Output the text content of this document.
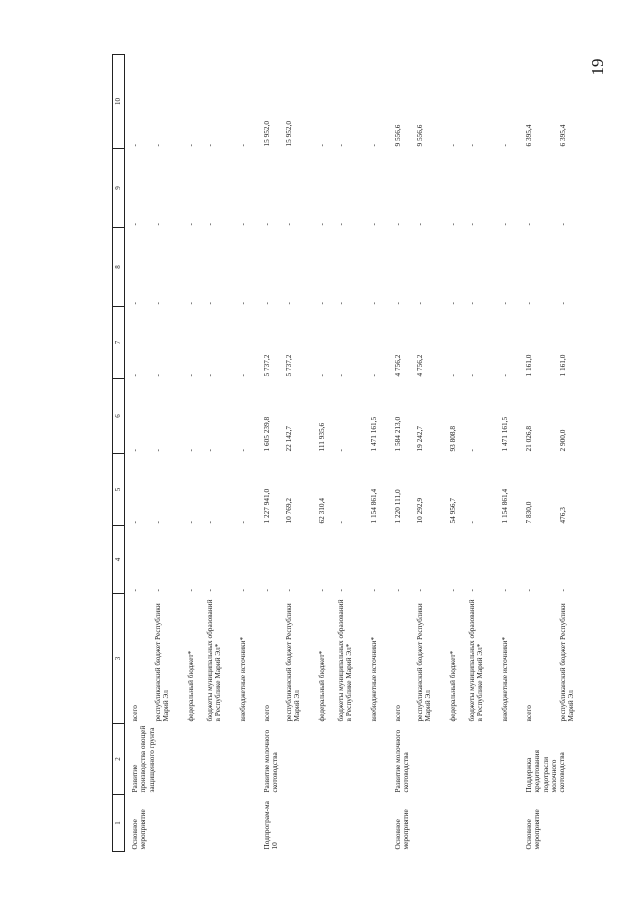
19
1	2	3	4	5	6	7	8	9	10
Основное мероприятие	Развитие производства овощей защищенного грунта	всего	-	-	-	-	-	-	-
		республиканский бюджет Республики Марий Эл	-	-	-	-	-	-	-
		федеральный бюджет*	-	-	-	-	-	-	-
		бюджеты муниципальных образований в Республике Марий Эл*	-	-	-	-	-	-	-
		внебюджетные источники*	-	-	-	-	-	-	-
Подпрограм-ма 10	Развитие молочного скотоводства	всего	-	1 227 941,0	1 605 239,8	5 737,2	-	-	15 952,0
		республиканский бюджет Республики Марий Эл	-	10 769,2	22 142,7	5 737,2	-	-	15 952,0
		федеральный бюджет*	-	62 310,4	111 935,6	-	-	-	-
		бюджеты муниципальных образований в Республике Марий Эл*	-	-	-	-	-	-	-
		внебюджетные источники*	-	1 154 861,4	1 471 161,5	-	-	-	-
Основное мероприятие	Развитие молочного скотоводства	всего	-	1 220 111,0	1 584 213,0	4 756,2	-	-	9 556,6
		республиканский бюджет Республики Марий Эл	-	10 292,9	19 242,7	4 756,2	-	-	9 556,6
		федеральный бюджет*	-	54 956,7	93 808,8	-	-	-	-
		бюджеты муниципальных образований в Республике Марий Эл*	-	-	-	-	-	-	-
		внебюджетные источники*	-	1 154 861,4	1 471 161,5	-	-	-	-
Основное мероприятие	Поддержка кредитования подотрасли молочного скотоводства	всего	-	7 830,0	21 026,8	1 161,0	-	-	6 395,4
		республиканский бюджет Республики Марий Эл	-	476,3	2 900,0	1 161,0	-	-	6 395,4
